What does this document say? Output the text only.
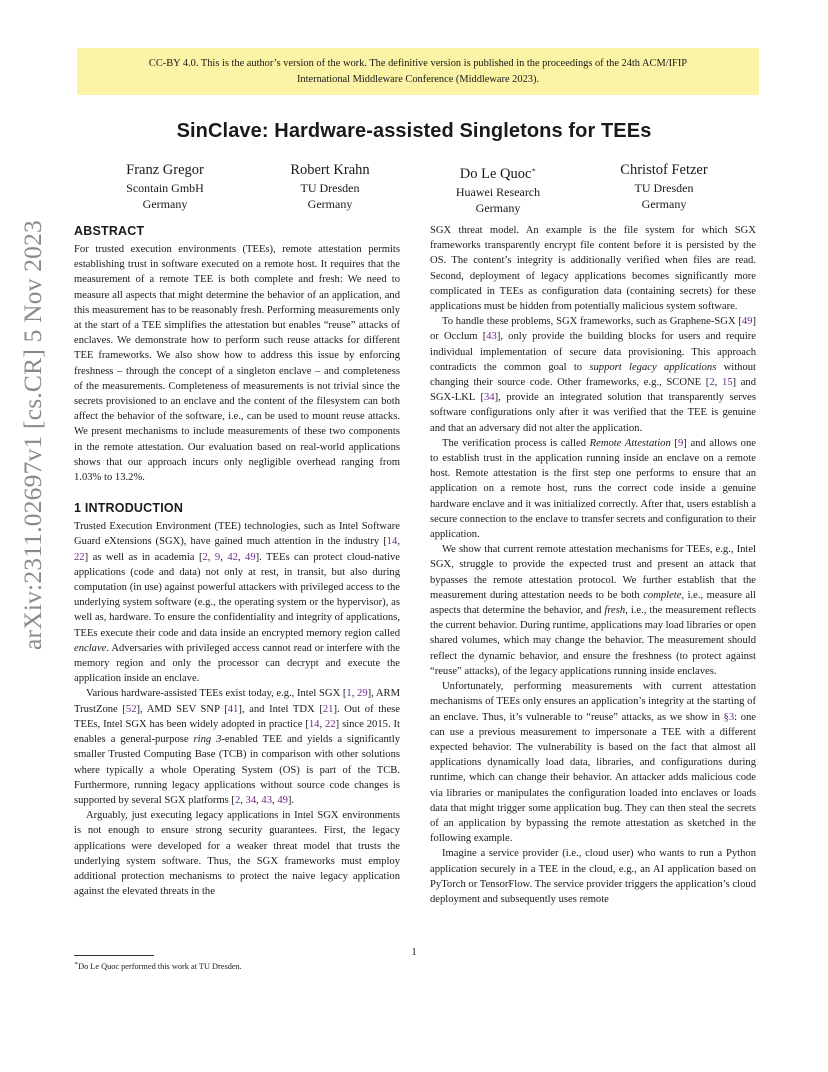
CC-BY 4.0. This is the author’s version of the work. The definitive version is published in the proceedings of the 24th ACM/IFIP
International Middleware Conference (Middleware 2023).
arXiv:2311.02697v1 [cs.CR] 5 Nov 2023
SinClave: Hardware-assisted Singletons for TEEs
Franz Gregor
Scontain GmbH
Germany
Robert Krahn
TU Dresden
Germany
Do Le Quoc∗
Huawei Research
Germany
Christof Fetzer
TU Dresden
Germany
ABSTRACT

For trusted execution environments (TEEs), remote attestation permits establishing trust in software executed on a remote host. It requires that the measurement of a remote TEE is both complete and fresh: We need to measure all aspects that might determine the behavior of an application, and this measurement has to be reasonably fresh. Performing measurements only at the start of a TEE simplifies the attestation but enables “reuse” attacks of enclaves. We demonstrate how to perform such reuse attacks for different TEE frameworks. We also show how to address this issue by enforcing freshness – through the concept of a singleton enclave – and completeness of the measurements. Completeness of measurements is not trivial since the secrets provisioned to an enclave and the content of the filesystem can both affect the behavior of the software, i.e., can be used to mount reuse attacks. We present mechanisms to include measurements of these two components in the remote attestation. Our evaluation based on real-world applications shows that our approach incurs only negligible overhead ranging from 1.03% to 13.2%.

1 INTRODUCTION

Trusted Execution Environment (TEE) technologies, such as Intel Software Guard eXtensions (SGX), have gained much attention in the industry [14, 22] as well as in academia [2, 9, 42, 49]. TEEs can protect cloud-native applications (code and data) not only at rest, in transit, but also during computation (in use) against powerful attackers with privileged access to the underlying system software (e.g., the operating system or the hypervisor), as well as, hardware. To ensure the confidentiality and integrity of applications, TEEs execute their code and data inside an encrypted memory region called enclave. Adversaries with privileged access cannot read or interfere with the memory region and only the processor can decrypt and execute the application inside an enclave.

Various hardware-assisted TEEs exist today, e.g., Intel SGX [1, 29], ARM TrustZone [52], AMD SEV SNP [41], and Intel TDX [21]. Out of these TEEs, Intel SGX has been widely adopted in practice [14, 22] since 2015. It enables a general-purpose ring 3-enabled TEE and yields a significantly smaller Trusted Computing Base (TCB) in comparison with other solutions where typically a whole Operating System (OS) is part of the TCB. Furthermore, running legacy applications without source code changes is supported by several SGX platforms [2, 34, 43, 49].

Arguably, just executing legacy applications in Intel SGX environments is not enough to ensure strong security guarantees. First, the legacy applications were developed for a weaker threat model that trusts the underlying system software. Thus, the SGX frameworks must employ additional protection mechanisms to protect the naive legacy application against the elevated threats in the

SGX threat model. An example is the file system for which SGX frameworks transparently encrypt file content before it is persisted by the OS. The content’s integrity is additionally verified when files are read. Second, deployment of legacy applications becomes significantly more complicated in TEEs as configuration data (containing secrets) for these applications must be hidden from potentially malicious system software.

To handle these problems, SGX frameworks, such as Graphene-SGX [49] or Occlum [43], only provide the building blocks for users and require individual implementation of secure data provisioning. This approach contradicts the common goal to support legacy applications without changing their source code. Other frameworks, e.g., SCONE [2, 15] and SGX-LKL [34], provide an integrated solution that transparently serves software configurations only after it was verified that the TEE is genuine and that an adversary did not alter the application.

The verification process is called Remote Attestation [9] and allows one to establish trust in the application running inside an enclave on a remote host. Remote attestation is the first step one performs to ensure that an application on a remote host, runs the correct code inside a genuine hardware enclave and it was initialized correctly. After that, users establish a secure connection to the enclave to transfer secrets and configuration to their application.

We show that current remote attestation mechanisms for TEEs, e.g., Intel SGX, struggle to provide the expected trust and present an attack that bypasses the remote attestation protocol. We further establish that the measurement during attestation needs to be both complete, i.e., measure all aspects that determine the behavior, and fresh, i.e., the measurement reflects the current behavior. During runtime, applications may load libraries or open shared volumes, which may change the behavior. The measurement should reflect the dynamic behavior, and ensure the freshness (to protect against “reuse” attacks), of the legacy applications running inside enclaves.

Unfortunately, performing measurements with current attestation mechanisms of TEEs only ensures an application’s integrity at the starting of an enclave. Thus, it’s vulnerable to “reuse” attacks, as we show in §3: one can use a previous measurement to impersonate a TEE with a different expected behavior. The vulnerability is based on the fact that almost all applications dynamically load data, libraries, and configurations during runtime, which can change their behavior. An attacker adds malicious code via libraries or manipulates the configuration loaded into enclaves or loads data that might trigger some application bug. They can then steal the secrets of an application by bypassing the remote attestation as sketched in the following example.

Imagine a service provider (i.e., cloud user) who wants to run a Python application securely in a TEE in the cloud, e.g., an AI application based on PyTorch or TensorFlow. The service provider triggers the application’s cloud deployment and subsequently uses remote

∗Do Le Quoc performed this work at TU Dresden.
1
